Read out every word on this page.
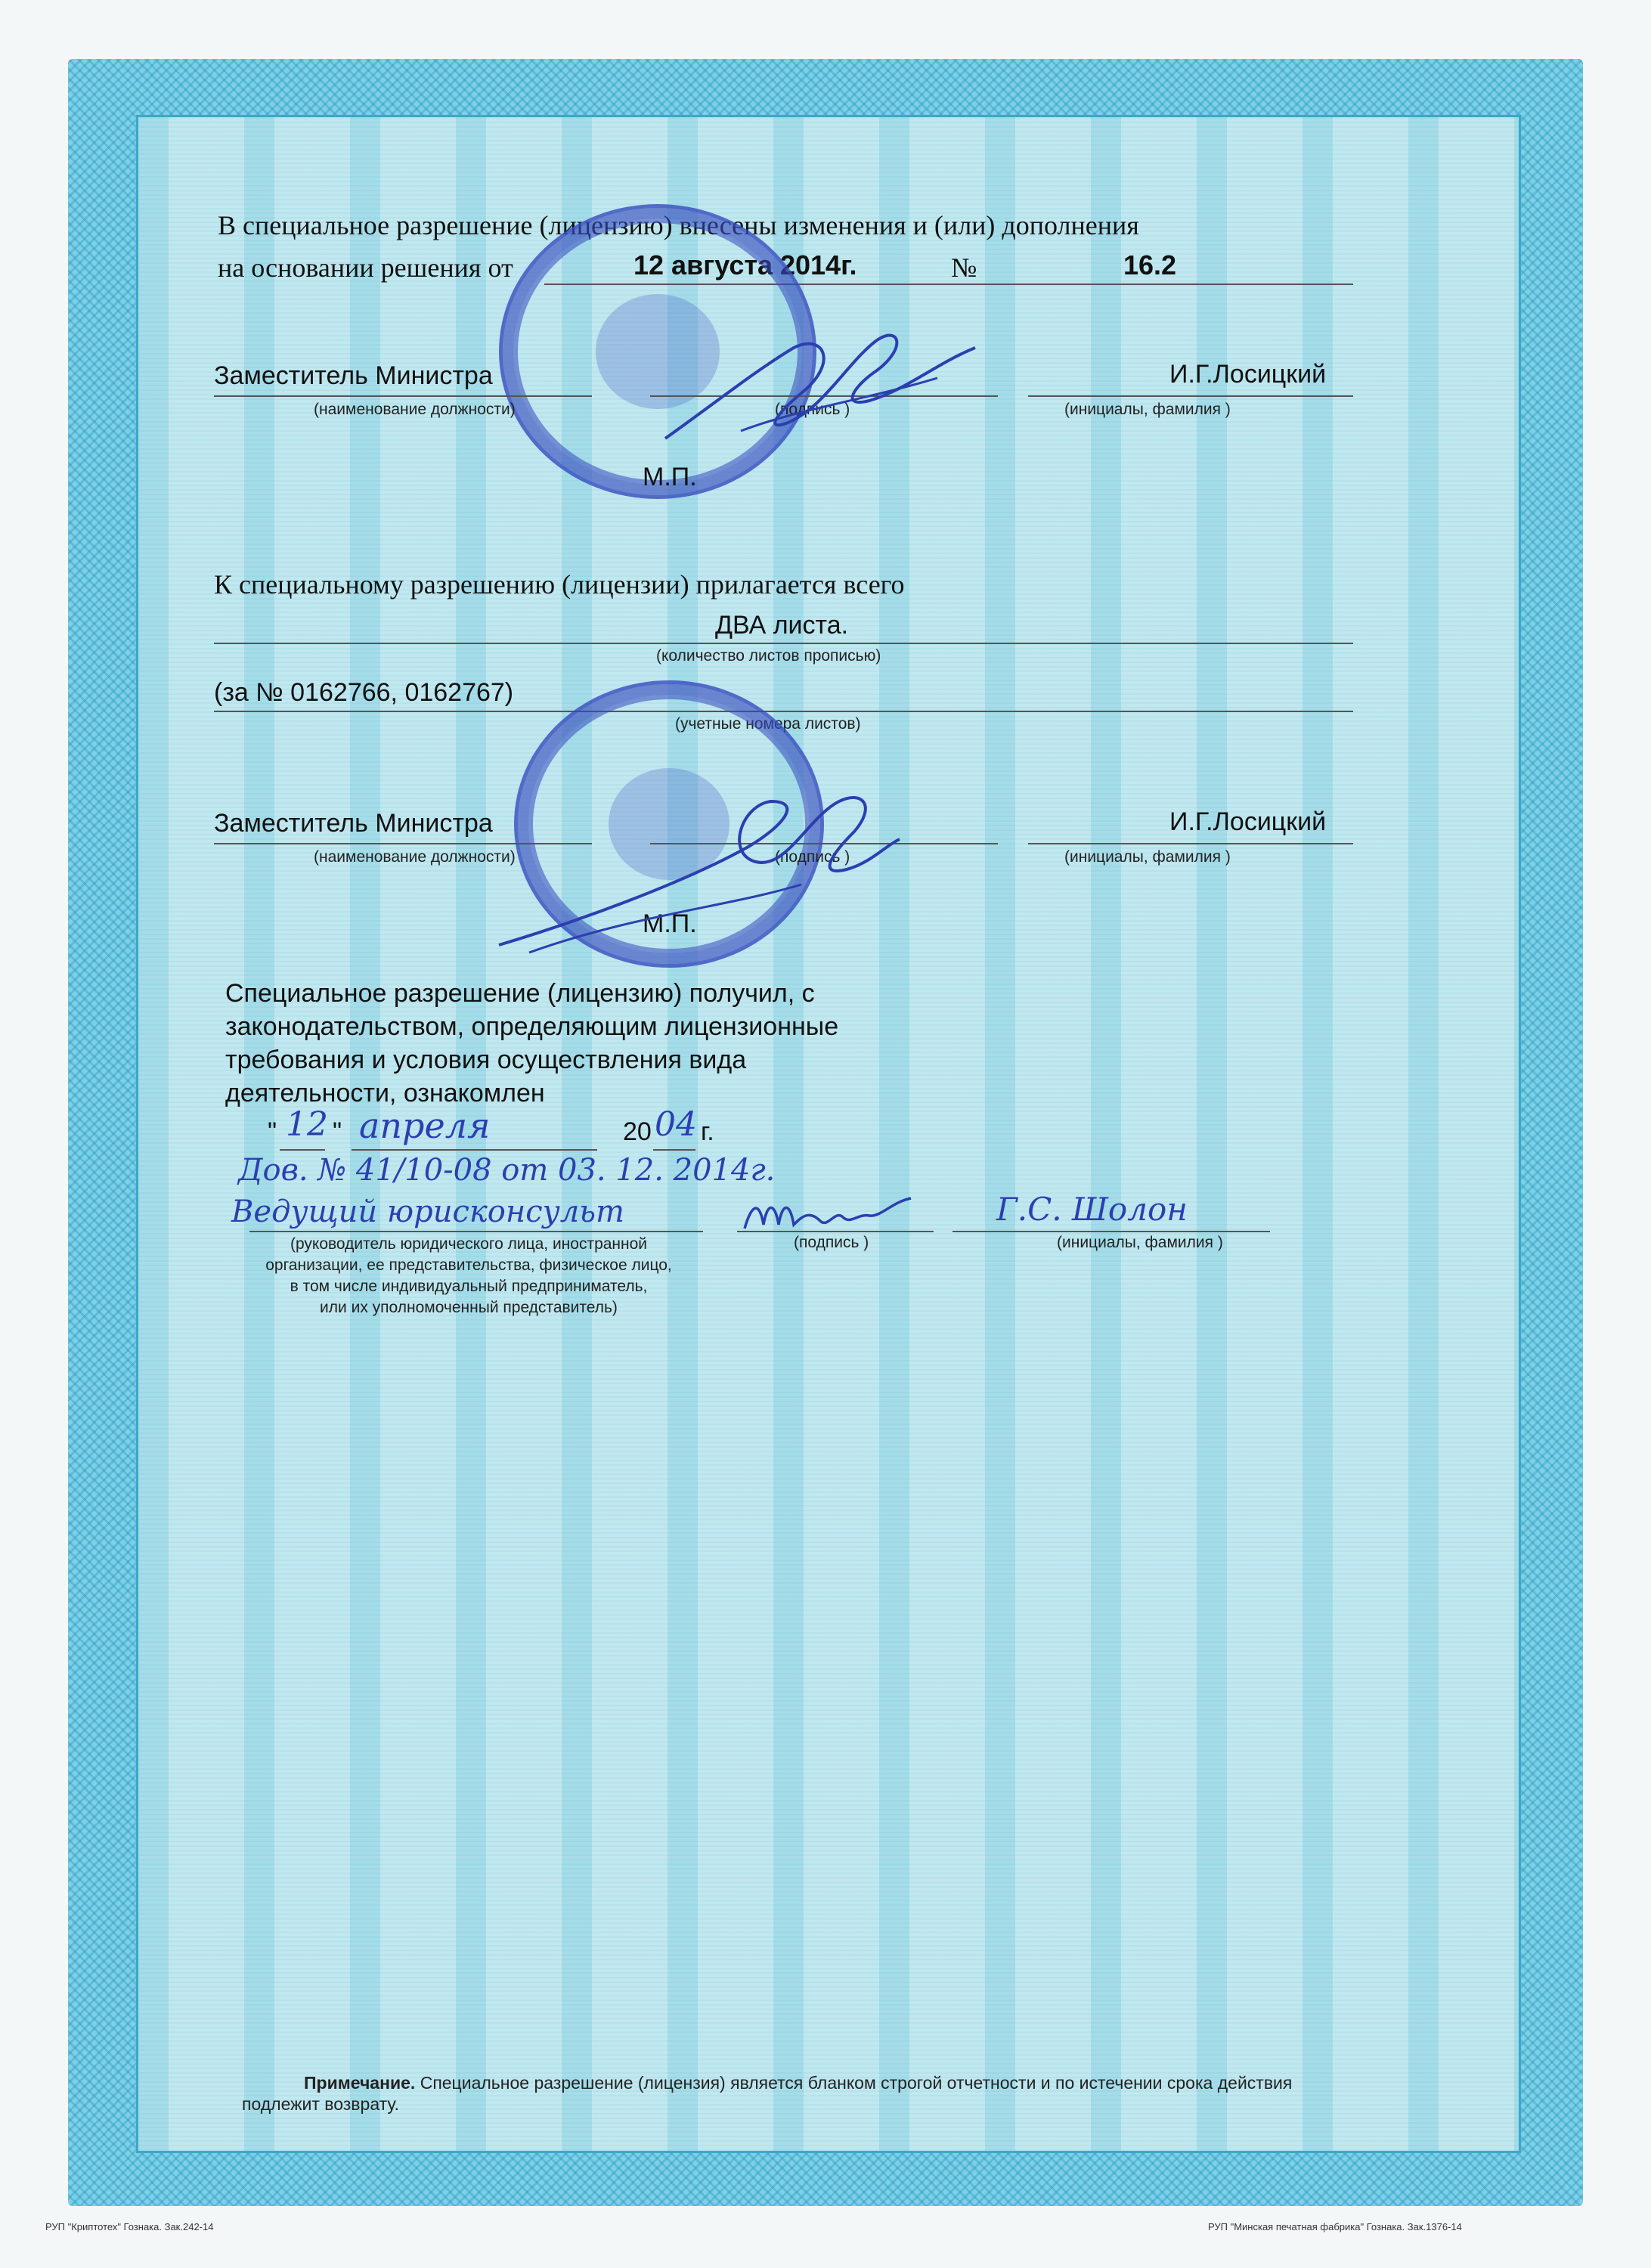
В специальное разрешение (лицензию) внесены изменения и (или) дополнения
на основании решения от	12 августа 2014г.	№	16.2
Заместитель Министра	И.Г.Лосицкий
(наименование должности)	(подпись )	(инициалы, фамилия )
М.П.
К специальному разрешению (лицензии) прилагается всего
ДВА листа.
(количество листов прописью)
(за № 0162766, 0162767)
(учетные номера листов)
Заместитель Министра	И.Г.Лосицкий
(наименование должности)	(подпись )	(инициалы, фамилия )
М.П.
Специальное разрешение (лицензию) получил, с
законодательством, определяющим лицензионные
требования и условия осуществления вида
деятельности, ознакомлен
" 12 " апреля	20 04 г.
Дов. № 41/10-08 от 03. 12. 2014г.
Ведущий юрисконсульт	Г.С. Шолон
(руководитель юридического лица, иностранной
организации, ее представительства, физическое лицо,
в том числе индивидуальный предприниматель,
или их уполномоченный представитель)
(подпись )	(инициалы, фамилия )
Примечание. Специальное разрешение (лицензия) является бланком строгой отчетности и по истечении срока действия
подлежит возврату.
РУП "Криптотех" Гознака. Зак.242-14	РУП "Минская печатная фабрика" Гознака. Зак.1376-14
